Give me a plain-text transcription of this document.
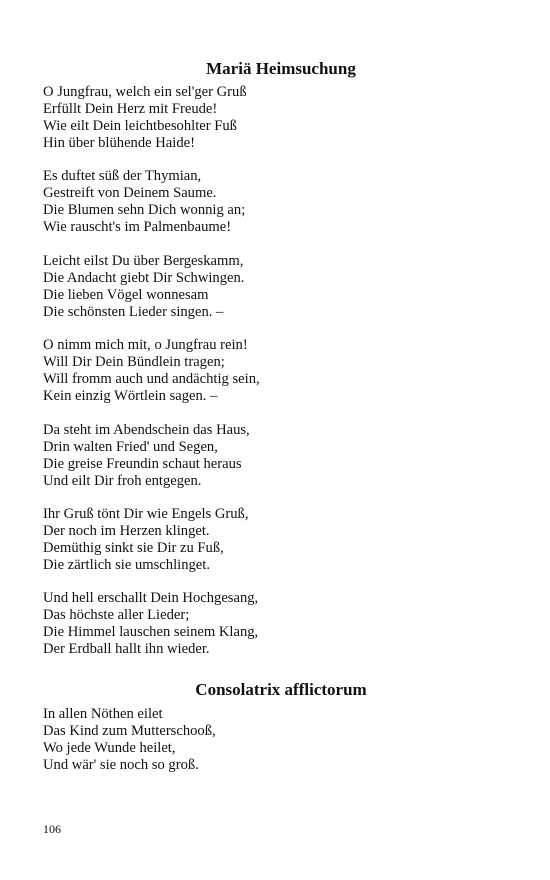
Mariä Heimsuchung
O Jungfrau, welch ein sel'ger Gruß
Erfüllt Dein Herz mit Freude!
Wie eilt Dein leichtbesohlter Fuß
Hin über blühende Haide!
Es duftet süß der Thymian,
Gestreift von Deinem Saume.
Die Blumen sehn Dich wonnig an;
Wie rauscht's im Palmenbaume!
Leicht eilst Du über Bergeskamm,
Die Andacht giebt Dir Schwingen.
Die lieben Vögel wonnesam
Die schönsten Lieder singen. –
O nimm mich mit, o Jungfrau rein!
Will Dir Dein Bündlein tragen;
Will fromm auch und andächtig sein,
Kein einzig Wörtlein sagen. –
Da steht im Abendschein das Haus,
Drin walten Fried' und Segen,
Die greise Freundin schaut heraus
Und eilt Dir froh entgegen.
Ihr Gruß tönt Dir wie Engels Gruß,
Der noch im Herzen klinget.
Demüthig sinkt sie Dir zu Fuß,
Die zärtlich sie umschlinget.
Und hell erschallt Dein Hochgesang,
Das höchste aller Lieder;
Die Himmel lauschen seinem Klang,
Der Erdball hallt ihn wieder.
Consolatrix afflictorum
In allen Nöthen eilet
Das Kind zum Mutterschooß,
Wo jede Wunde heilet,
Und wär' sie noch so groß.
106
